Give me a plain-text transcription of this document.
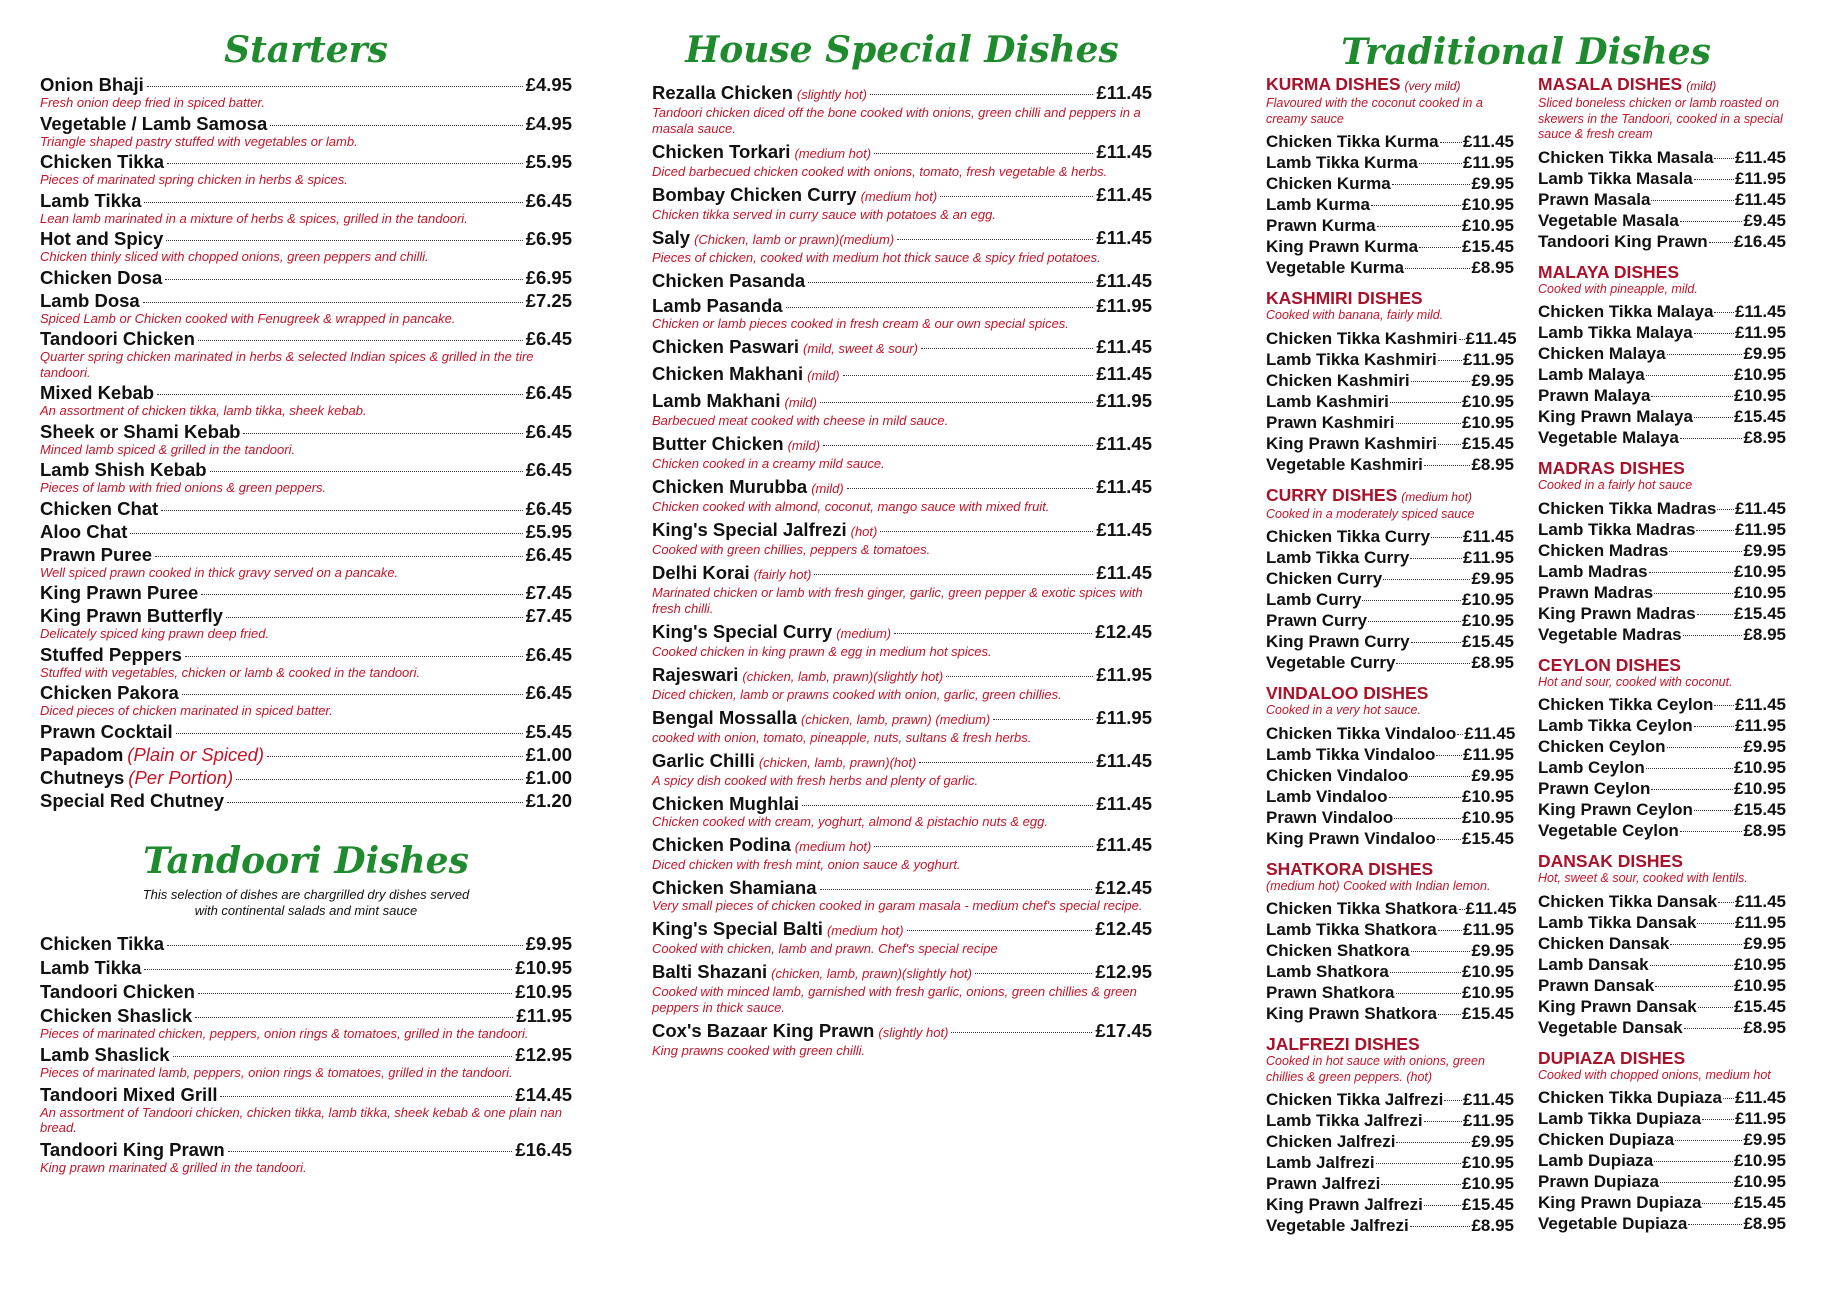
Starters
Onion Bhaji	£4.95

Fresh onion deep fried in spiced batter.

Vegetable / Lamb Samosa	£4.95

Triangle shaped pastry stuffed with vegetables or lamb.

Chicken Tikka	£5.95

Pieces of marinated spring chicken in herbs & spices.

Lamb Tikka	£6.45

Lean lamb marinated in a mixture of herbs & spices, grilled in the tandoori.

Hot and Spicy	£6.95

Chicken thinly sliced with chopped onions, green peppers and chilli.

Chicken Dosa	£6.95
Lamb Dosa	£7.25

Spiced Lamb or Chicken cooked with Fenugreek & wrapped in pancake.

Tandoori Chicken	£6.45

Quarter spring chicken marinated in herbs & selected Indian spices & grilled in the tire tandoori.

Mixed Kebab	£6.45

An assortment of chicken tikka, lamb tikka, sheek kebab.

Sheek or Shami Kebab	£6.45

Minced lamb spiced & grilled in the tandoori.

Lamb Shish Kebab	£6.45

Pieces of lamb with fried onions & green peppers.

Chicken Chat	£6.45
Aloo Chat	£5.95
Prawn Puree	£6.45

Well spiced prawn cooked in thick gravy served on a pancake.

King Prawn Puree	£7.45
King Prawn Butterfly	£7.45

Delicately spiced king prawn deep fried.

Stuffed Peppers	£6.45

Stuffed with vegetables, chicken or lamb & cooked in the tandoori.

Chicken Pakora	£6.45

Diced pieces of chicken marinated in spiced batter.

Prawn Cocktail	£5.45
Papadom (Plain or Spiced)	£1.00
Chutneys (Per Portion)	£1.00
Special Red Chutney	£1.20
Tandoori Dishes

This selection of dishes are chargrilled dry dishes served with continental salads and mint sauce

Chicken Tikka	£9.95
Lamb Tikka	£10.95
Tandoori Chicken	£10.95
Chicken Shaslick	£11.95

Pieces of marinated chicken, peppers, onion rings & tomatoes, grilled in the tandoori.

Lamb Shaslick	£12.95

Pieces of marinated lamb, peppers, onion rings & tomatoes, grilled in the tandoori.

Tandoori Mixed Grill	£14.45

An assortment of Tandoori chicken, chicken tikka, lamb tikka, sheek kebab & one plain nan bread.

Tandoori King Prawn	£16.45

King prawn marinated & grilled in the tandoori.

House Special Dishes
Rezalla Chicken (slightly hot)	£11.45

Tandoori chicken diced off the bone cooked with onions, green chilli and peppers in a masala sauce.

Chicken Torkari (medium hot)	£11.45

Diced barbecued chicken cooked with onions, tomato, fresh vegetable & herbs.

Bombay Chicken Curry (medium hot)	£11.45

Chicken tikka served in curry sauce with potatoes & an egg.

Saly (Chicken, lamb or prawn)(medium)	£11.45

Pieces of chicken, cooked with medium hot thick sauce & spicy fried potatoes.

Chicken Pasanda	£11.45
Lamb Pasanda	£11.95

Chicken or lamb pieces cooked in fresh cream & our own special spices.

Chicken Paswari (mild, sweet & sour)	£11.45
Chicken Makhani (mild)	£11.45
Lamb Makhani (mild)	£11.95

Barbecued meat cooked with cheese in mild sauce.

Butter Chicken (mild)	£11.45

Chicken cooked in a creamy mild sauce.

Chicken Murubba (mild)	£11.45

Chicken cooked with almond, coconut, mango sauce with mixed fruit.

King's Special Jalfrezi (hot)	£11.45

Cooked with green chillies, peppers & tomatoes.

Delhi Korai (fairly hot)	£11.45

Marinated chicken or lamb with fresh ginger, garlic, green pepper & exotic spices with fresh chilli.

King's Special Curry (medium)	£12.45

Cooked chicken in king prawn & egg in medium hot spices.

Rajeswari (chicken, lamb, prawn)(slightly hot)	£11.95

Diced chicken, lamb or prawns cooked with onion, garlic, green chillies.

Bengal Mossalla (chicken, lamb, prawn) (medium)	£11.95

cooked with onion, tomato, pineapple, nuts, sultans & fresh herbs.

Garlic Chilli (chicken, lamb, prawn)(hot)	£11.45

A spicy dish cooked with fresh herbs and plenty of garlic.

Chicken Mughlai	£11.45

Chicken cooked with cream, yoghurt, almond & pistachio nuts & egg.

Chicken Podina (medium hot)	£11.45

Diced chicken with fresh mint, onion sauce & yoghurt.

Chicken Shamiana	£12.45

Very small pieces of chicken cooked in garam masala - medium chef's special recipe.

King's Special Balti (medium hot)	£12.45

Cooked with chicken, lamb and prawn. Chef's special recipe

Balti Shazani (chicken, lamb, prawn)(slightly hot)	£12.95

Cooked with minced lamb, garnished with fresh garlic, onions, green chillies & green peppers in thick sauce.

Cox's Bazaar King Prawn (slightly hot)	£17.45

King prawns cooked with green chilli.

Traditional Dishes
KURMA DISHES (very mild)

Flavoured with the coconut cooked in a creamy sauce

Chicken Tikka Kurma £11.45
Lamb Tikka Kurma	£11.95
Chicken Kurma	£9.95
Lamb Kurma	£10.95
Prawn Kurma	£10.95
King Prawn Kurma	£15.45
Vegetable Kurma	£8.95
KASHMIRI DISHES

Cooked with banana, fairly mild.

Chicken Tikka Kashmiri £11.45
Lamb Tikka Kashmiri £11.95
Chicken Kashmiri	£9.95
Lamb Kashmiri	£10.95
Prawn Kashmiri	£10.95
King Prawn Kashmiri £15.45
Vegetable Kashmiri	£8.95
CURRY DISHES (medium hot)

Cooked in a moderately spiced sauce

Chicken Tikka Curry £11.45
Lamb Tikka Curry	£11.95
Chicken Curry	£9.95
Lamb Curry	£10.95
Prawn Curry	£10.95
King Prawn Curry	£15.45
Vegetable Curry	£8.95
VINDALOO DISHES

Cooked in a very hot sauce.

Chicken Tikka Vindaloo £11.45
Lamb Tikka Vindaloo £11.95
Chicken Vindaloo	£9.95
Lamb Vindaloo	£10.95
Prawn Vindaloo	£10.95
King Prawn Vindaloo £15.45
SHATKORA DISHES

(medium hot) Cooked with Indian lemon.

Chicken Tikka Shatkora £11.45
Lamb Tikka Shatkora £11.95
Chicken Shatkora	£9.95
Lamb Shatkora	£10.95
Prawn Shatkora	£10.95
King Prawn Shatkora £15.45
JALFREZI DISHES

Cooked in hot sauce with onions, green chillies & green peppers. (hot)

Chicken Tikka Jalfrezi £11.45
Lamb Tikka Jalfrezi £11.95
Chicken Jalfrezi	£9.95
Lamb Jalfrezi	£10.95
Prawn Jalfrezi	£10.95
King Prawn Jalfrezi £15.45
Vegetable Jalfrezi	£8.95
MASALA DISHES (mild)

Sliced boneless chicken or lamb roasted on skewers in the Tandoori, cooked in a special sauce & fresh cream

Chicken Tikka Masala £11.45
Lamb Tikka Masala £11.95
Prawn Masala	£11.45
Vegetable Masala	£9.45
Tandoori King Prawn £16.45
MALAYA DISHES

Cooked with pineapple, mild.

Chicken Tikka Malaya £11.45
Lamb Tikka Malaya £11.95
Chicken Malaya	£9.95
Lamb Malaya	£10.95
Prawn Malaya	£10.95
King Prawn Malaya £15.45
Vegetable Malaya	£8.95
MADRAS DISHES

Cooked in a fairly hot sauce

Chicken Tikka Madras £11.45
Lamb Tikka Madras £11.95
Chicken Madras	£9.95
Lamb Madras	£10.95
Prawn Madras	£10.95
King Prawn Madras £15.45
Vegetable Madras	£8.95
CEYLON DISHES

Hot and sour, cooked with coconut.

Chicken Tikka Ceylon £11.45
Lamb Tikka Ceylon £11.95
Chicken Ceylon	£9.95
Lamb Ceylon	£10.95
Prawn Ceylon	£10.95
King Prawn Ceylon £15.45
Vegetable Ceylon	£8.95
DANSAK DISHES

Hot, sweet & sour, cooked with lentils.

Chicken Tikka Dansak £11.45
Lamb Tikka Dansak £11.95
Chicken Dansak	£9.95
Lamb Dansak	£10.95
Prawn Dansak	£10.95
King Prawn Dansak £15.45
Vegetable Dansak	£8.95
DUPIAZA DISHES

Cooked with chopped onions, medium hot

Chicken Tikka Dupiaza £11.45
Lamb Tikka Dupiaza £11.95
Chicken Dupiaza	£9.95
Lamb Dupiaza	£10.95
Prawn Dupiaza	£10.95
King Prawn Dupiaza £15.45
Vegetable Dupiaza	£8.95
